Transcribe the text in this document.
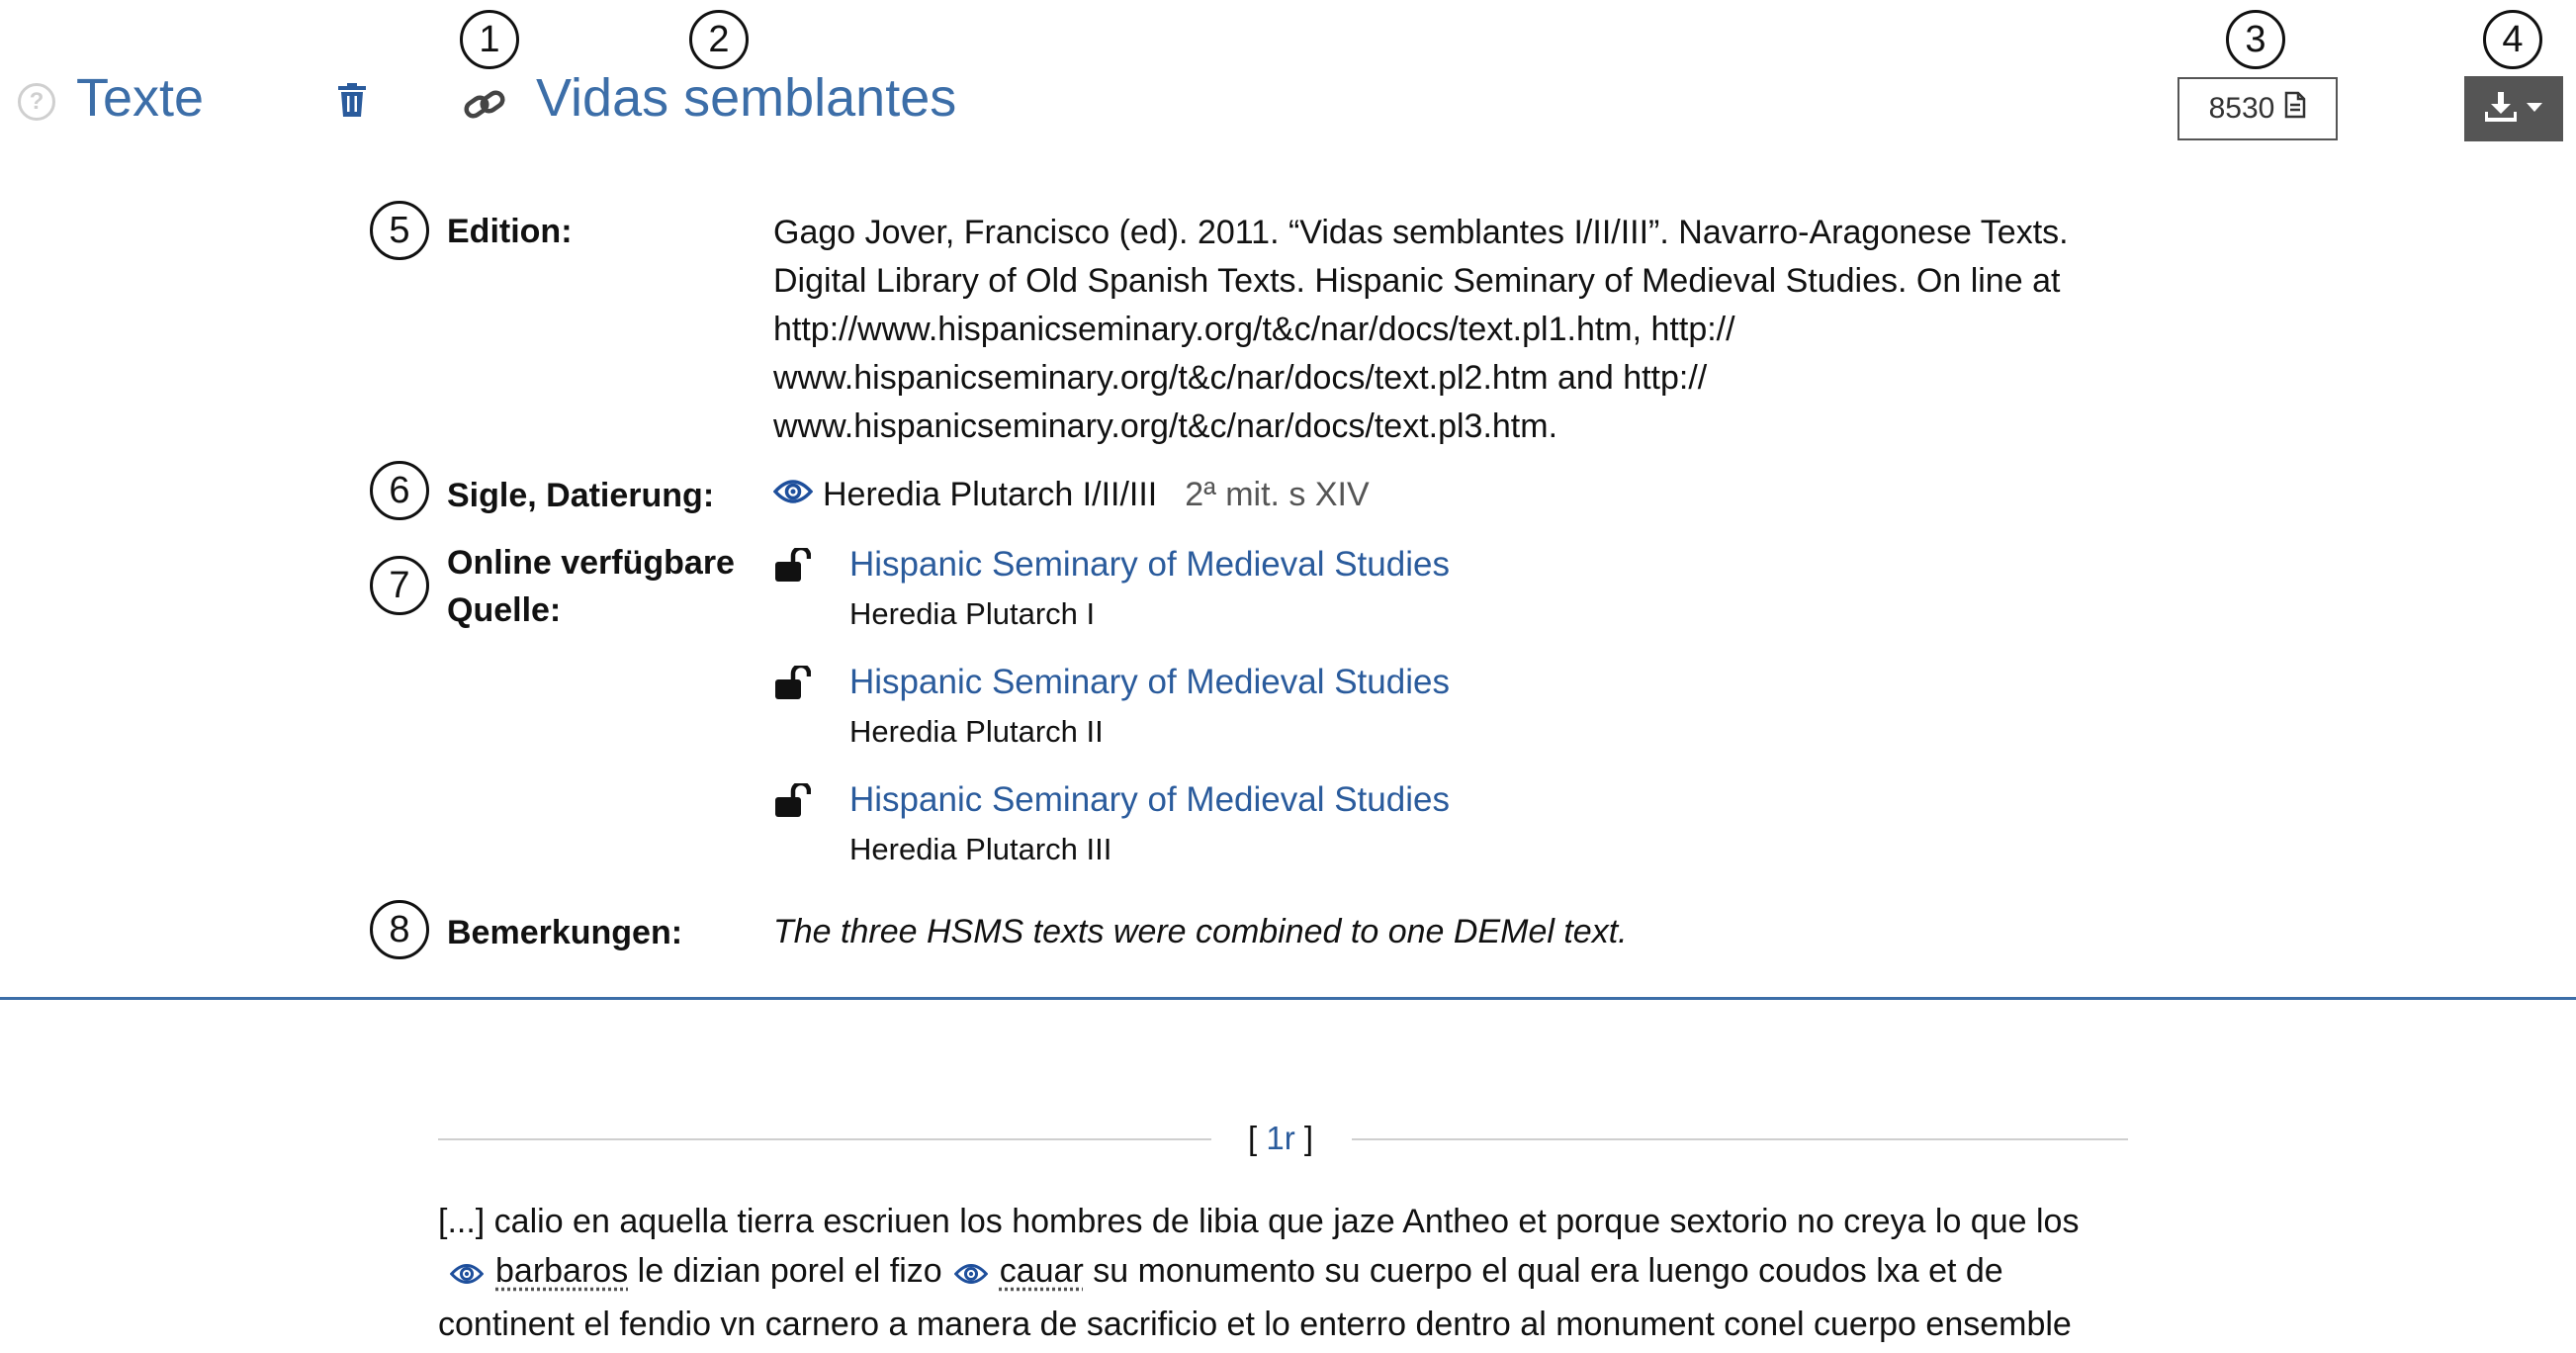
1	2	3	4
5
6
7
8
? Texte	Vidas semblantes	8530
Edition:	Gago Jover, Francisco (ed). 2011. “Vidas semblantes I/II/III”. Navarro-Aragonese Texts.
Digital Library of Old Spanish Texts. Hispanic Seminary of Medieval Studies. On line at
http://www.hispanicseminary.org/t&c/nar/docs/text.pl1.htm, http://
www.hispanicseminary.org/t&c/nar/docs/text.pl2.htm and http://
www.hispanicseminary.org/t&c/nar/docs/text.pl3.htm.
Sigle, Datierung:	Heredia Plutarch I/II/III 2ª mit. s XIV
Online verfügbare
Quelle:
Hispanic Seminary of Medieval Studies
Heredia Plutarch I
Hispanic Seminary of Medieval Studies
Heredia Plutarch II
Hispanic Seminary of Medieval Studies
Heredia Plutarch III
Bemerkungen:	The three HSMS texts were combined to one DEMel text.
[ 1r ]
[...] calio en aquella tierra escriuen los hombres de libia que jaze Antheo et porque sextorio no creya lo que los
barbaros le dizian porel el fizo cauar su monumento su cuerpo el qual era luengo coudos lxa et de
continent el fendio vn carnero a manera de sacrificio et lo enterro dentro al monument conel cuerpo ensemble
